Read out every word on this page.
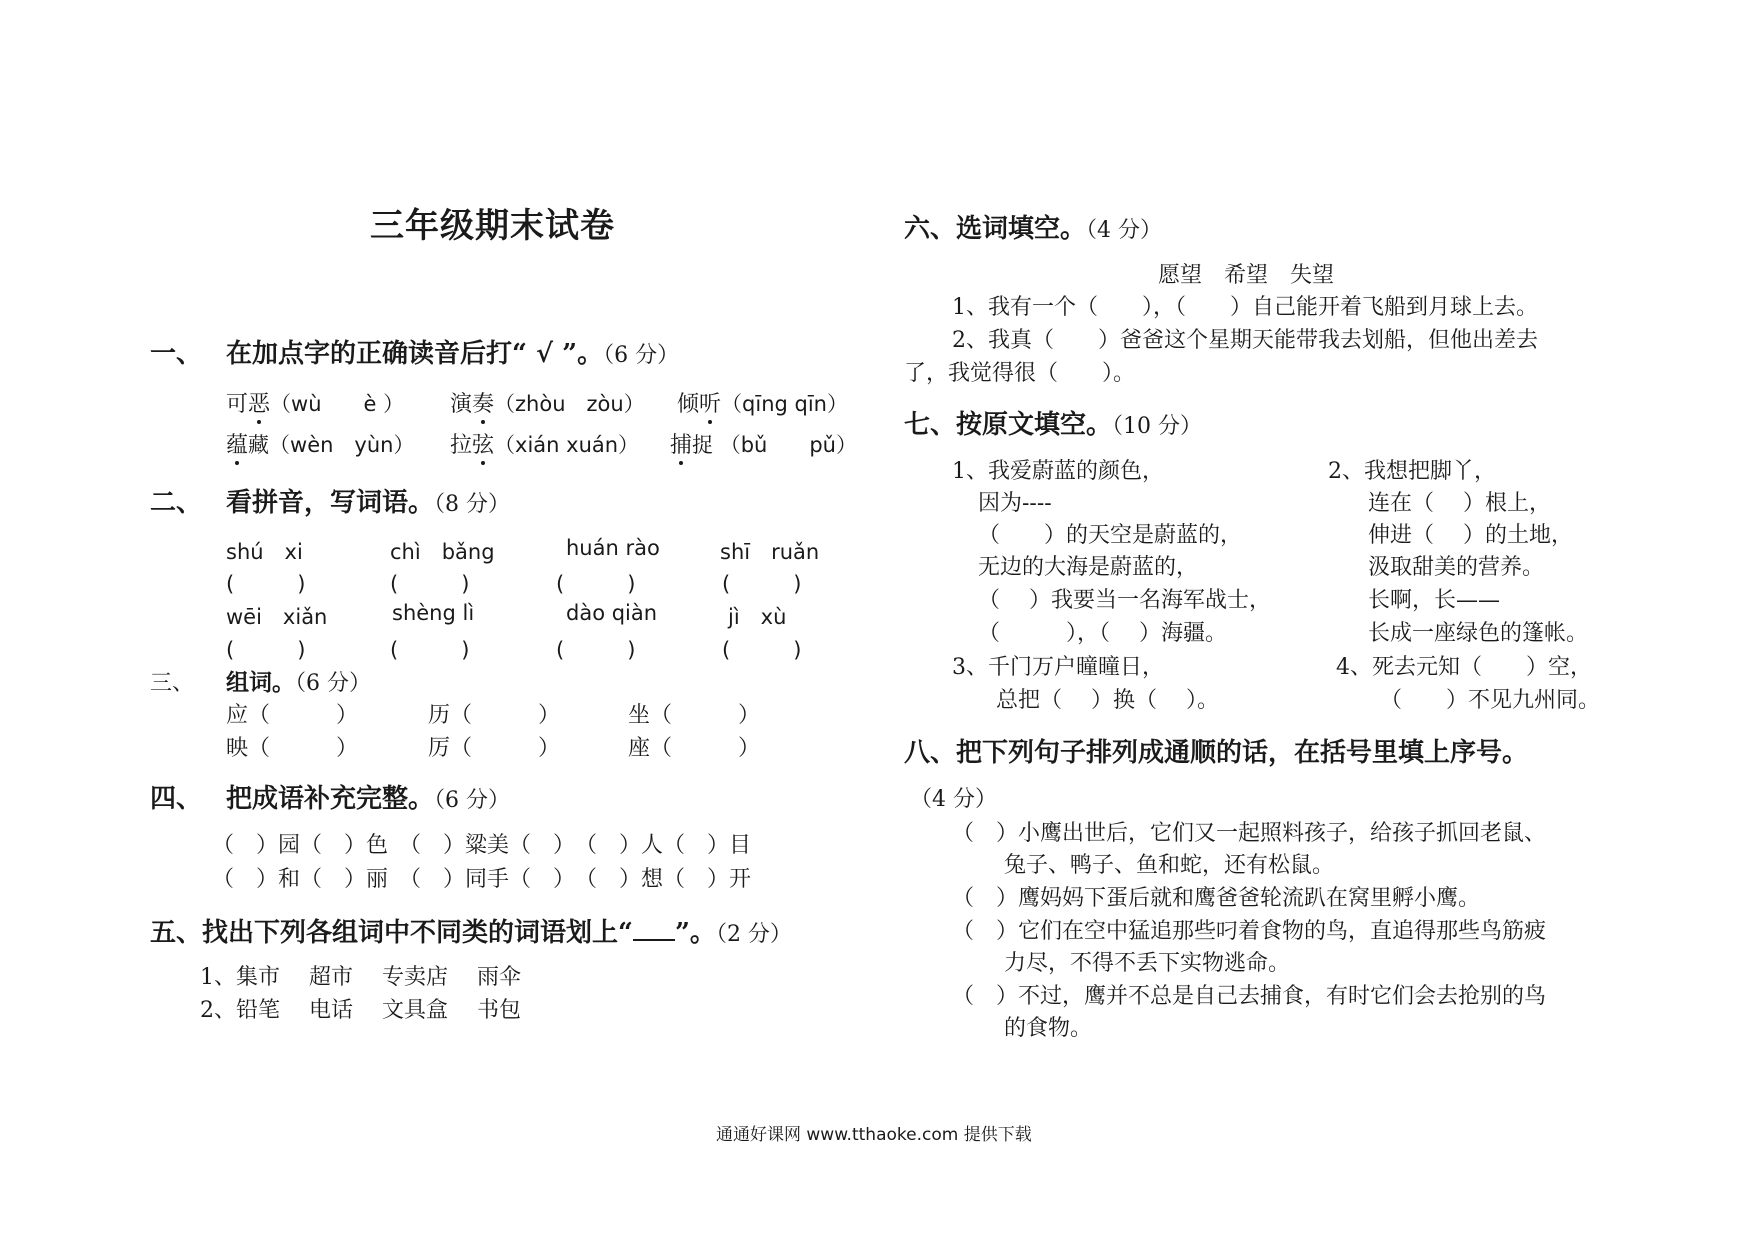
三年级期末试卷
一、 在加点字的正确读音后打“ √ ”。（6 分）
可恶（wù　　è ） 演奏（zhòu　zòu） 倾听（qīng qīn）
蕴藏（wèn　yùn） 拉弦（xián xuán） 捕捉 （bǔ　　pǔ）
二、 看拼音，写词语。（8 分）
shú　xi	chì　bǎng	huán rào	shī　ruǎn
(　　　)	(　　　)	(　　　)	(　　　)
wēi　xiǎn	shèng lì	dào qiàn	jì　xù
(　　　)	(　　　)	(　　　)	(　　　)
三、 组词。（6 分）
应（　　　）	历（　　　）	坐（　　　）
映（　　　）	厉（　　　）	座（　　　）
四、 把成语补充完整。（6 分）
（　）园（　）色　（　）粱美（　）　（　）人（　）目
（　）和（　）丽　（　）同手（　）　（　）想（　）开
五、找出下列各组词中不同类的词语划上“ ”。（2 分）
1、集市　 超市　 专卖店　 雨伞
2、铅笔　 电话　 文具盒　 书包
六、选词填空。（4 分）
愿望　希望　失望
1、我有一个（　　），（　　）自己能开着飞船到月球上去。
2、我真（　　）爸爸这个星期天能带我去划船，但他出差去
了，我觉得很（　　）。
七、按原文填空。（10 分）
1、我爱蔚蓝的颜色，
因为----
（　　）的天空是蔚蓝的，
无边的大海是蔚蓝的，
（　 ）我要当一名海军战士，
（　　　），（　 ）海疆。
2、我想把脚丫，
连在（　 ）根上，
伸进（　 ）的土地，
汲取甜美的营养。
长啊，长——
长成一座绿色的篷帐。
3、千门万户曈曈日，
总把（　 ）换（　 ）。
4、死去元知（　　）空，
（　　）不见九州同。
八、把下列句子排列成通顺的话，在括号里填上序号。
（4 分）
（　）小鹰出世后，它们又一起照料孩子，给孩子抓回老鼠、
兔子、鸭子、鱼和蛇，还有松鼠。
（　）鹰妈妈下蛋后就和鹰爸爸轮流趴在窝里孵小鹰。
（　）它们在空中猛追那些叼着食物的鸟，直追得那些鸟筋疲
力尽，不得不丢下实物逃命。
（　）不过，鹰并不总是自己去捕食，有时它们会去抢别的鸟
的食物。
通通好课网 www.tthaoke.com 提供下载
